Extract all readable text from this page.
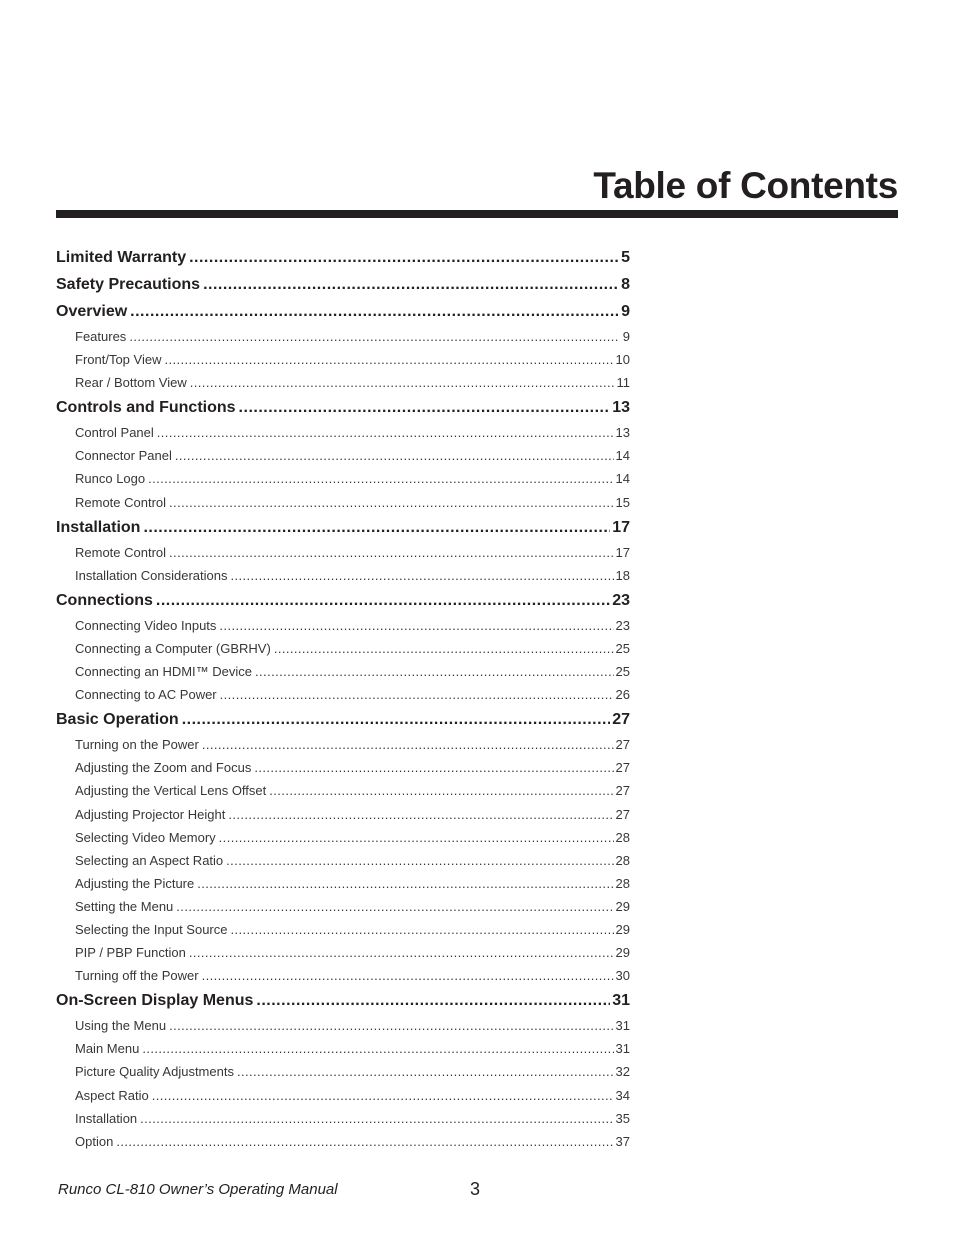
Table of Contents
Limited Warranty .....	5
Safety Precautions .....	8
Overview .....	9
Features .....	9
Front/Top View .....	10
Rear / Bottom View .....	11
Controls and Functions .....	13
Control Panel .....	13
Connector Panel .....	14
Runco Logo .....	14
Remote Control .....	15
Installation .....	17
Remote Control .....	17
Installation Considerations .....	18
Connections .....	23
Connecting Video Inputs .....	23
Connecting a Computer (GBRHV) .....	25
Connecting an HDMI™ Device .....	25
Connecting to AC Power .....	26
Basic Operation .....	27
Turning on the Power .....	27
Adjusting the Zoom and Focus .....	27
Adjusting the Vertical Lens Offset .....	27
Adjusting Projector Height .....	27
Selecting Video Memory .....	28
Selecting an Aspect Ratio .....	28
Adjusting the Picture .....	28
Setting the Menu .....	29
Selecting the Input Source .....	29
PIP / PBP Function .....	29
Turning off the Power .....	30
On-Screen Display Menus .....	31
Using the Menu .....	31
Main Menu .....	31
Picture Quality Adjustments .....	32
Aspect Ratio .....	34
Installation .....	35
Option .....	37
Runco CL-810 Owner’s Operating Manual	3
